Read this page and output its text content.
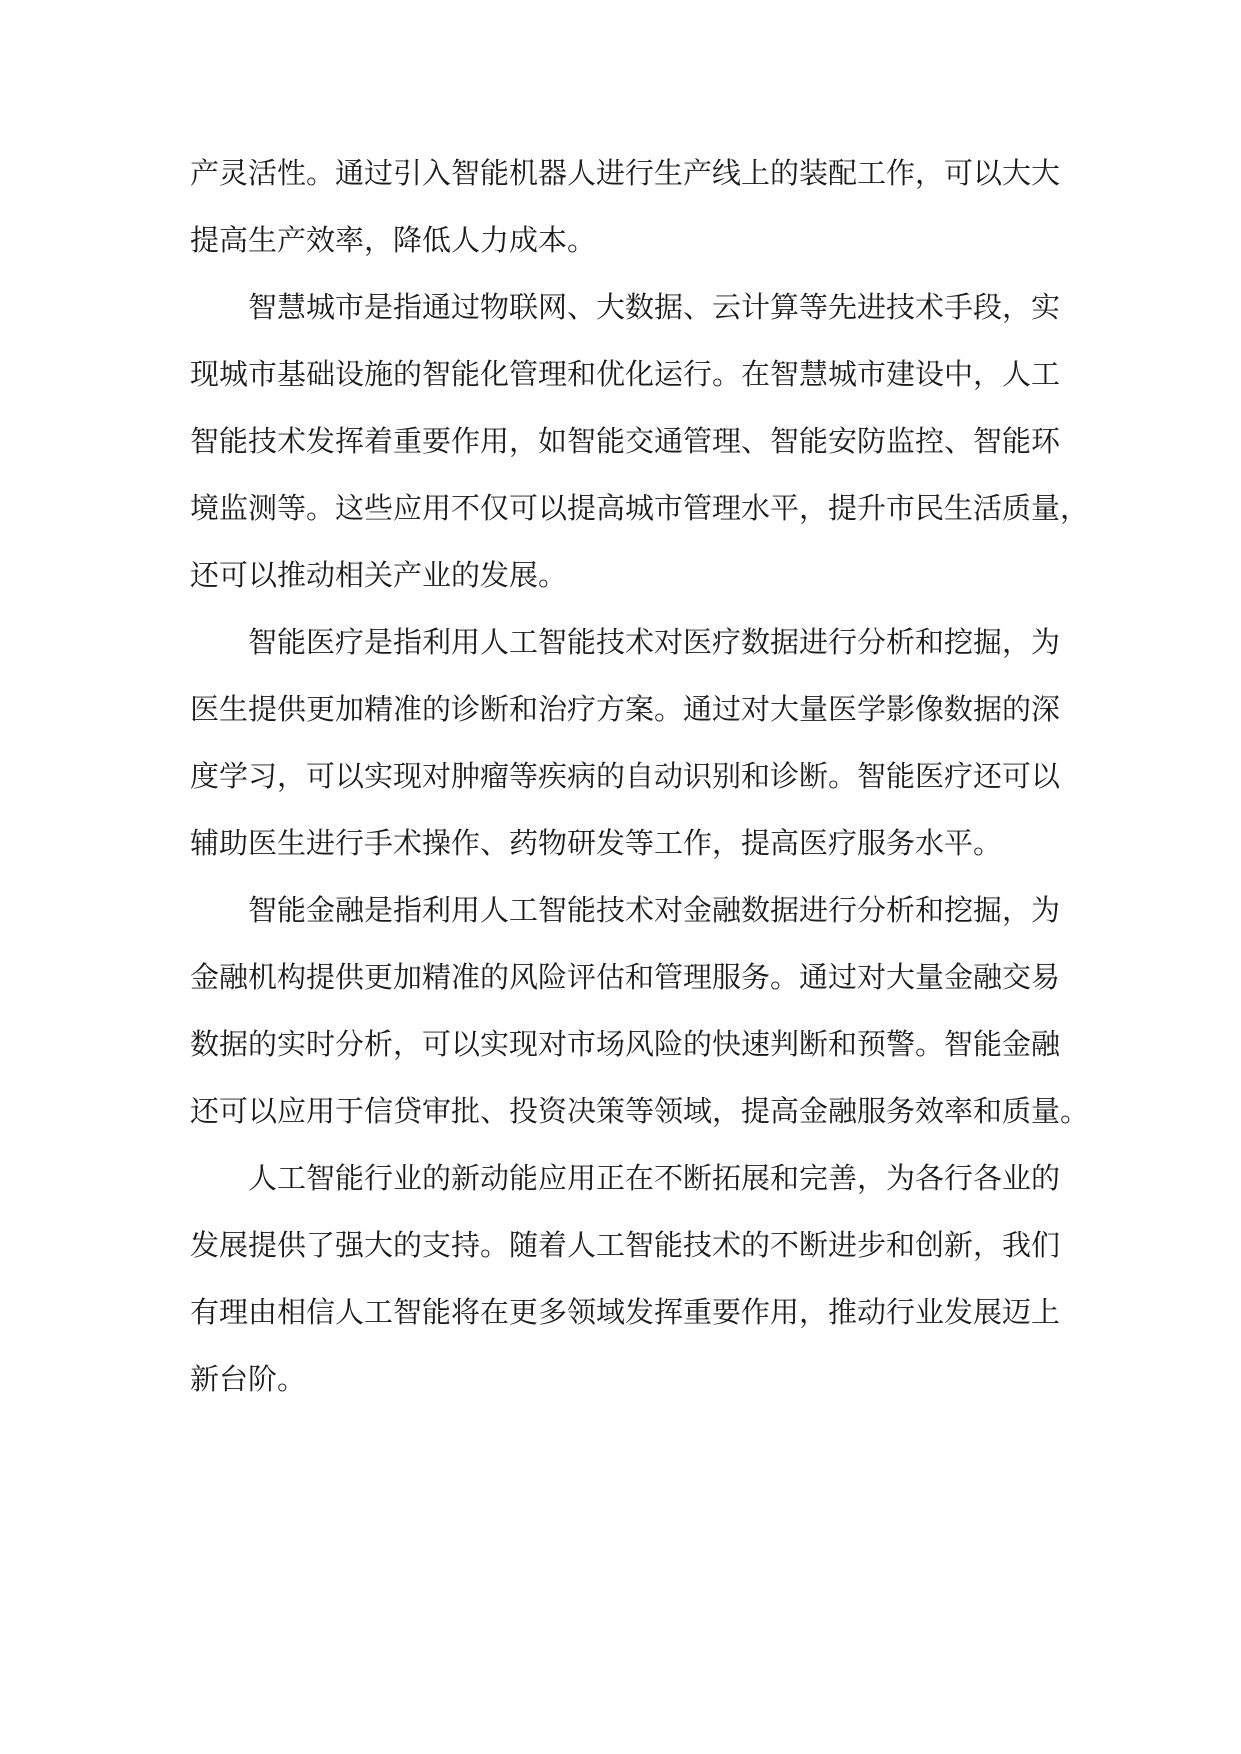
产灵活性。通过引入智能机器人进行生产线上的装配工作，可以大大
提高生产效率，降低人力成本。
智慧城市是指通过物联网、大数据、云计算等先进技术手段，实
现城市基础设施的智能化管理和优化运行。在智慧城市建设中，人工
智能技术发挥着重要作用，如智能交通管理、智能安防监控、智能环
境监测等。这些应用不仅可以提高城市管理水平，提升市民生活质量，
还可以推动相关产业的发展。
智能医疗是指利用人工智能技术对医疗数据进行分析和挖掘，为
医生提供更加精准的诊断和治疗方案。通过对大量医学影像数据的深
度学习，可以实现对肿瘤等疾病的自动识别和诊断。智能医疗还可以
辅助医生进行手术操作、药物研发等工作，提高医疗服务水平。
智能金融是指利用人工智能技术对金融数据进行分析和挖掘，为
金融机构提供更加精准的风险评估和管理服务。通过对大量金融交易
数据的实时分析，可以实现对市场风险的快速判断和预警。智能金融
还可以应用于信贷审批、投资决策等领域，提高金融服务效率和质量。
人工智能行业的新动能应用正在不断拓展和完善，为各行各业的
发展提供了强大的支持。随着人工智能技术的不断进步和创新，我们
有理由相信人工智能将在更多领域发挥重要作用，推动行业发展迈上
新台阶。
